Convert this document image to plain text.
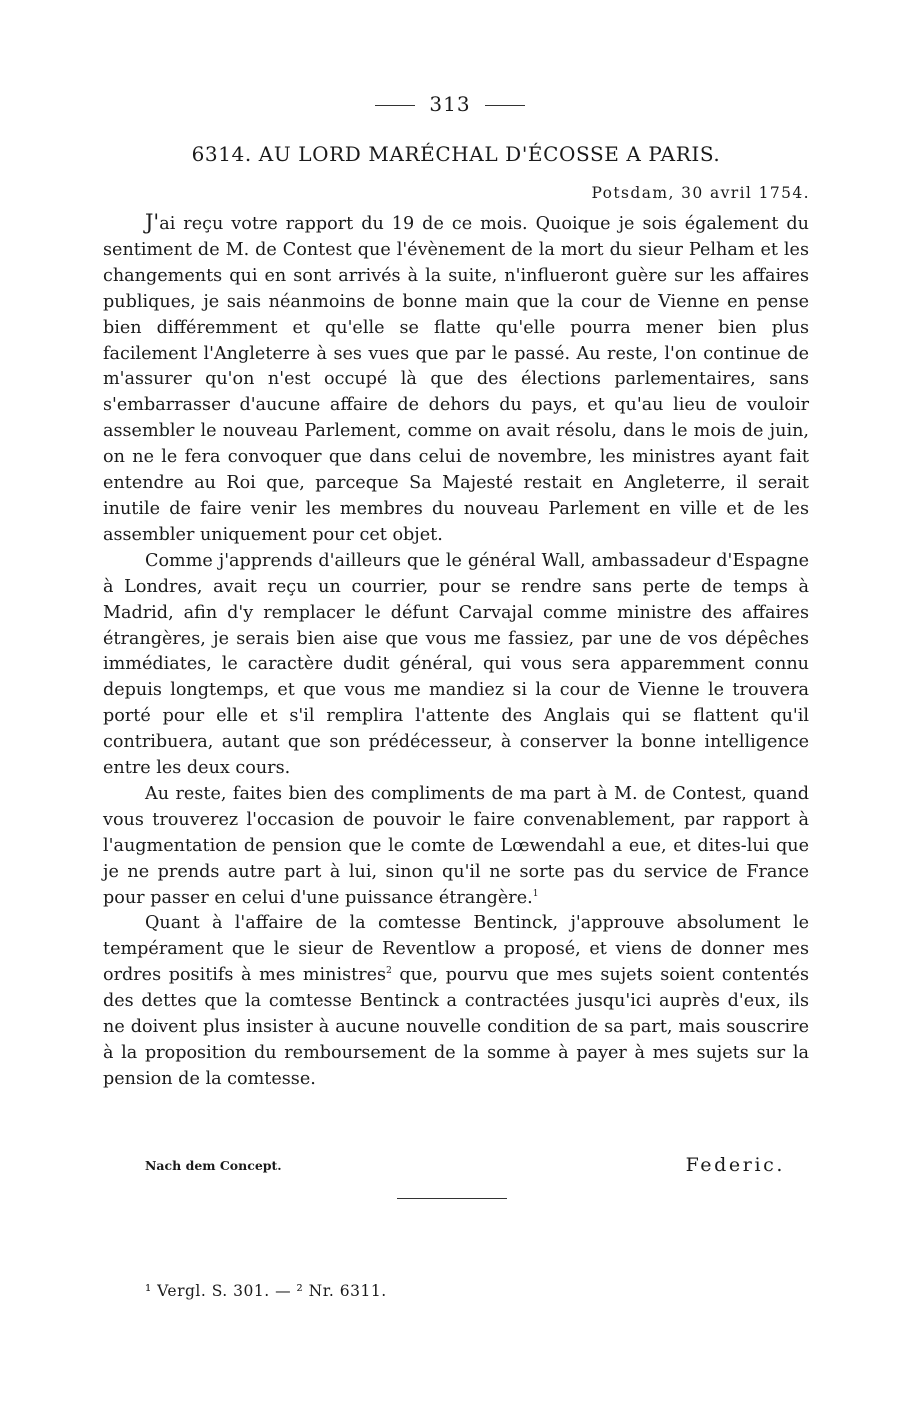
313
6314. AU LORD MARÉCHAL D'ÉCOSSE A PARIS.
Potsdam, 30 avril 1754.

J'ai reçu votre rapport du 19 de ce mois. Quoique je sois également du sentiment de M. de Contest que l'évènement de la mort du sieur Pelham et les changements qui en sont arrivés à la suite, n'influeront guère sur les affaires publiques, je sais néanmoins de bonne main que la cour de Vienne en pense bien différemment et qu'elle se flatte qu'elle pourra mener bien plus facilement l'Angleterre à ses vues que par le passé. Au reste, l'on continue de m'assurer qu'on n'est occupé là que des élections parlementaires, sans s'embarrasser d'aucune affaire de dehors du pays, et qu'au lieu de vouloir assembler le nouveau Parlement, comme on avait résolu, dans le mois de juin, on ne le fera convoquer que dans celui de novembre, les ministres ayant fait entendre au Roi que, parceque Sa Majesté restait en Angleterre, il serait inutile de faire venir les membres du nouveau Parlement en ville et de les assembler uniquement pour cet objet.

Comme j'apprends d'ailleurs que le général Wall, ambassadeur d'Espagne à Londres, avait reçu un courrier, pour se rendre sans perte de temps à Madrid, afin d'y remplacer le défunt Carvajal comme ministre des affaires étrangères, je serais bien aise que vous me fassiez, par une de vos dépêches immédiates, le caractère dudit général, qui vous sera apparemment connu depuis longtemps, et que vous me mandiez si la cour de Vienne le trouvera porté pour elle et s'il remplira l'attente des Anglais qui se flattent qu'il contribuera, autant que son prédécesseur, à conserver la bonne intelligence entre les deux cours.

Au reste, faites bien des compliments de ma part à M. de Contest, quand vous trouverez l'occasion de pouvoir le faire convenablement, par rapport à l'augmentation de pension que le comte de Lœwendahl a eue, et dites-lui que je ne prends autre part à lui, sinon qu'il ne sorte pas du service de France pour passer en celui d'une puissance étrangère.$^1$

Quant à l'affaire de la comtesse Bentinck, j'approuve absolument le tempérament que le sieur de Reventlow a proposé, et viens de donner mes ordres positifs à mes ministres$^2$ que, pourvu que mes sujets soient contentés des dettes que la comtesse Bentinck a contractées jusqu'ici auprès d'eux, ils ne doivent plus insister à aucune nouvelle condition de sa part, mais souscrire à la proposition du remboursement de la somme à payer à mes sujets sur la pension de la comtesse.

Nach dem Concept.	Federic.
¹ Vergl. S. 301. — ² Nr. 6311.
